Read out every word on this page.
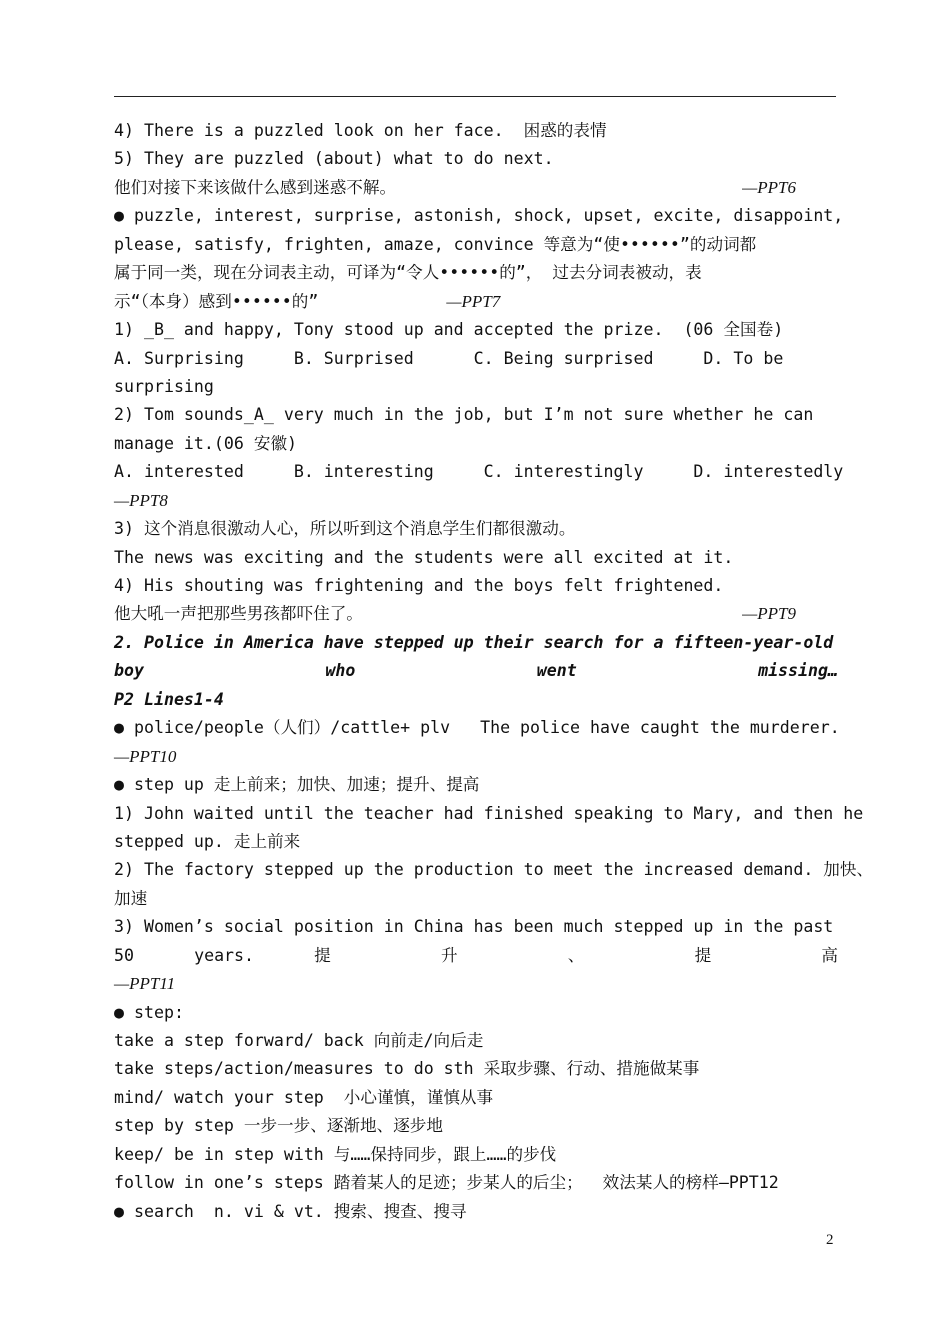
4) There is a puzzled look on her face.  困惑的表情
5) They are puzzled (about) what to do next.
他们对接下来该做什么感到迷惑不解。	—PPT6
● puzzle, interest, surprise, astonish, shock, upset, excite, disappoint,
please, satisfy, frighten, amaze, convince 等意为“使••••••”的动词都
属于同一类，现在分词表主动，可译为“令人••••••的”， 过去分词表被动，表
示“（本身）感到••••••的”	—PPT7
1) _B_ and happy, Tony stood up and accepted the prize.  (06 全国卷)
A. Surprising     B. Surprised      C. Being surprised     D. To be
surprising
2) Tom sounds_A_ very much in the job, but I’m not sure whether he can
manage it.(06 安徽)
A. interested     B. interesting     C. interestingly     D. interestedly
—PPT8
3) 这个消息很激动人心，所以听到这个消息学生们都很激动。
The news was exciting and the students were all excited at it.
4) His shouting was frightening and the boys felt frightened.
他大吼一声把那些男孩都吓住了。	—PPT9
2. Police in America have stepped up their search for a fifteen-year-old
boy who went missing…
P2 Lines1-4
● police/people（人们）/cattle+ plv   The police have caught the murderer.
—PPT10
● step up 走上前来；加快、加速；提升、提高
1) John waited until the teacher had finished speaking to Mary, and then he
stepped up. 走上前来
2) The factory stepped up the production to meet the increased demand. 加快、
加速
3) Women’s social position in China has been much stepped up in the past
50 years. 提 升 、 提 高
—PPT11
● step:
take a step forward/ back 向前走/向后走
take steps/action/measures to do sth 采取步骤、行动、措施做某事
mind/ watch your step  小心谨慎，谨慎从事
step by step 一步一步、逐渐地、逐步地
keep/ be in step with 与……保持同步，跟上……的步伐
follow in one’s steps 踏着某人的足迹；步某人的后尘；  效法某人的榜样—PPT12
● search  n. vi & vt. 搜索、搜查、搜寻
2
